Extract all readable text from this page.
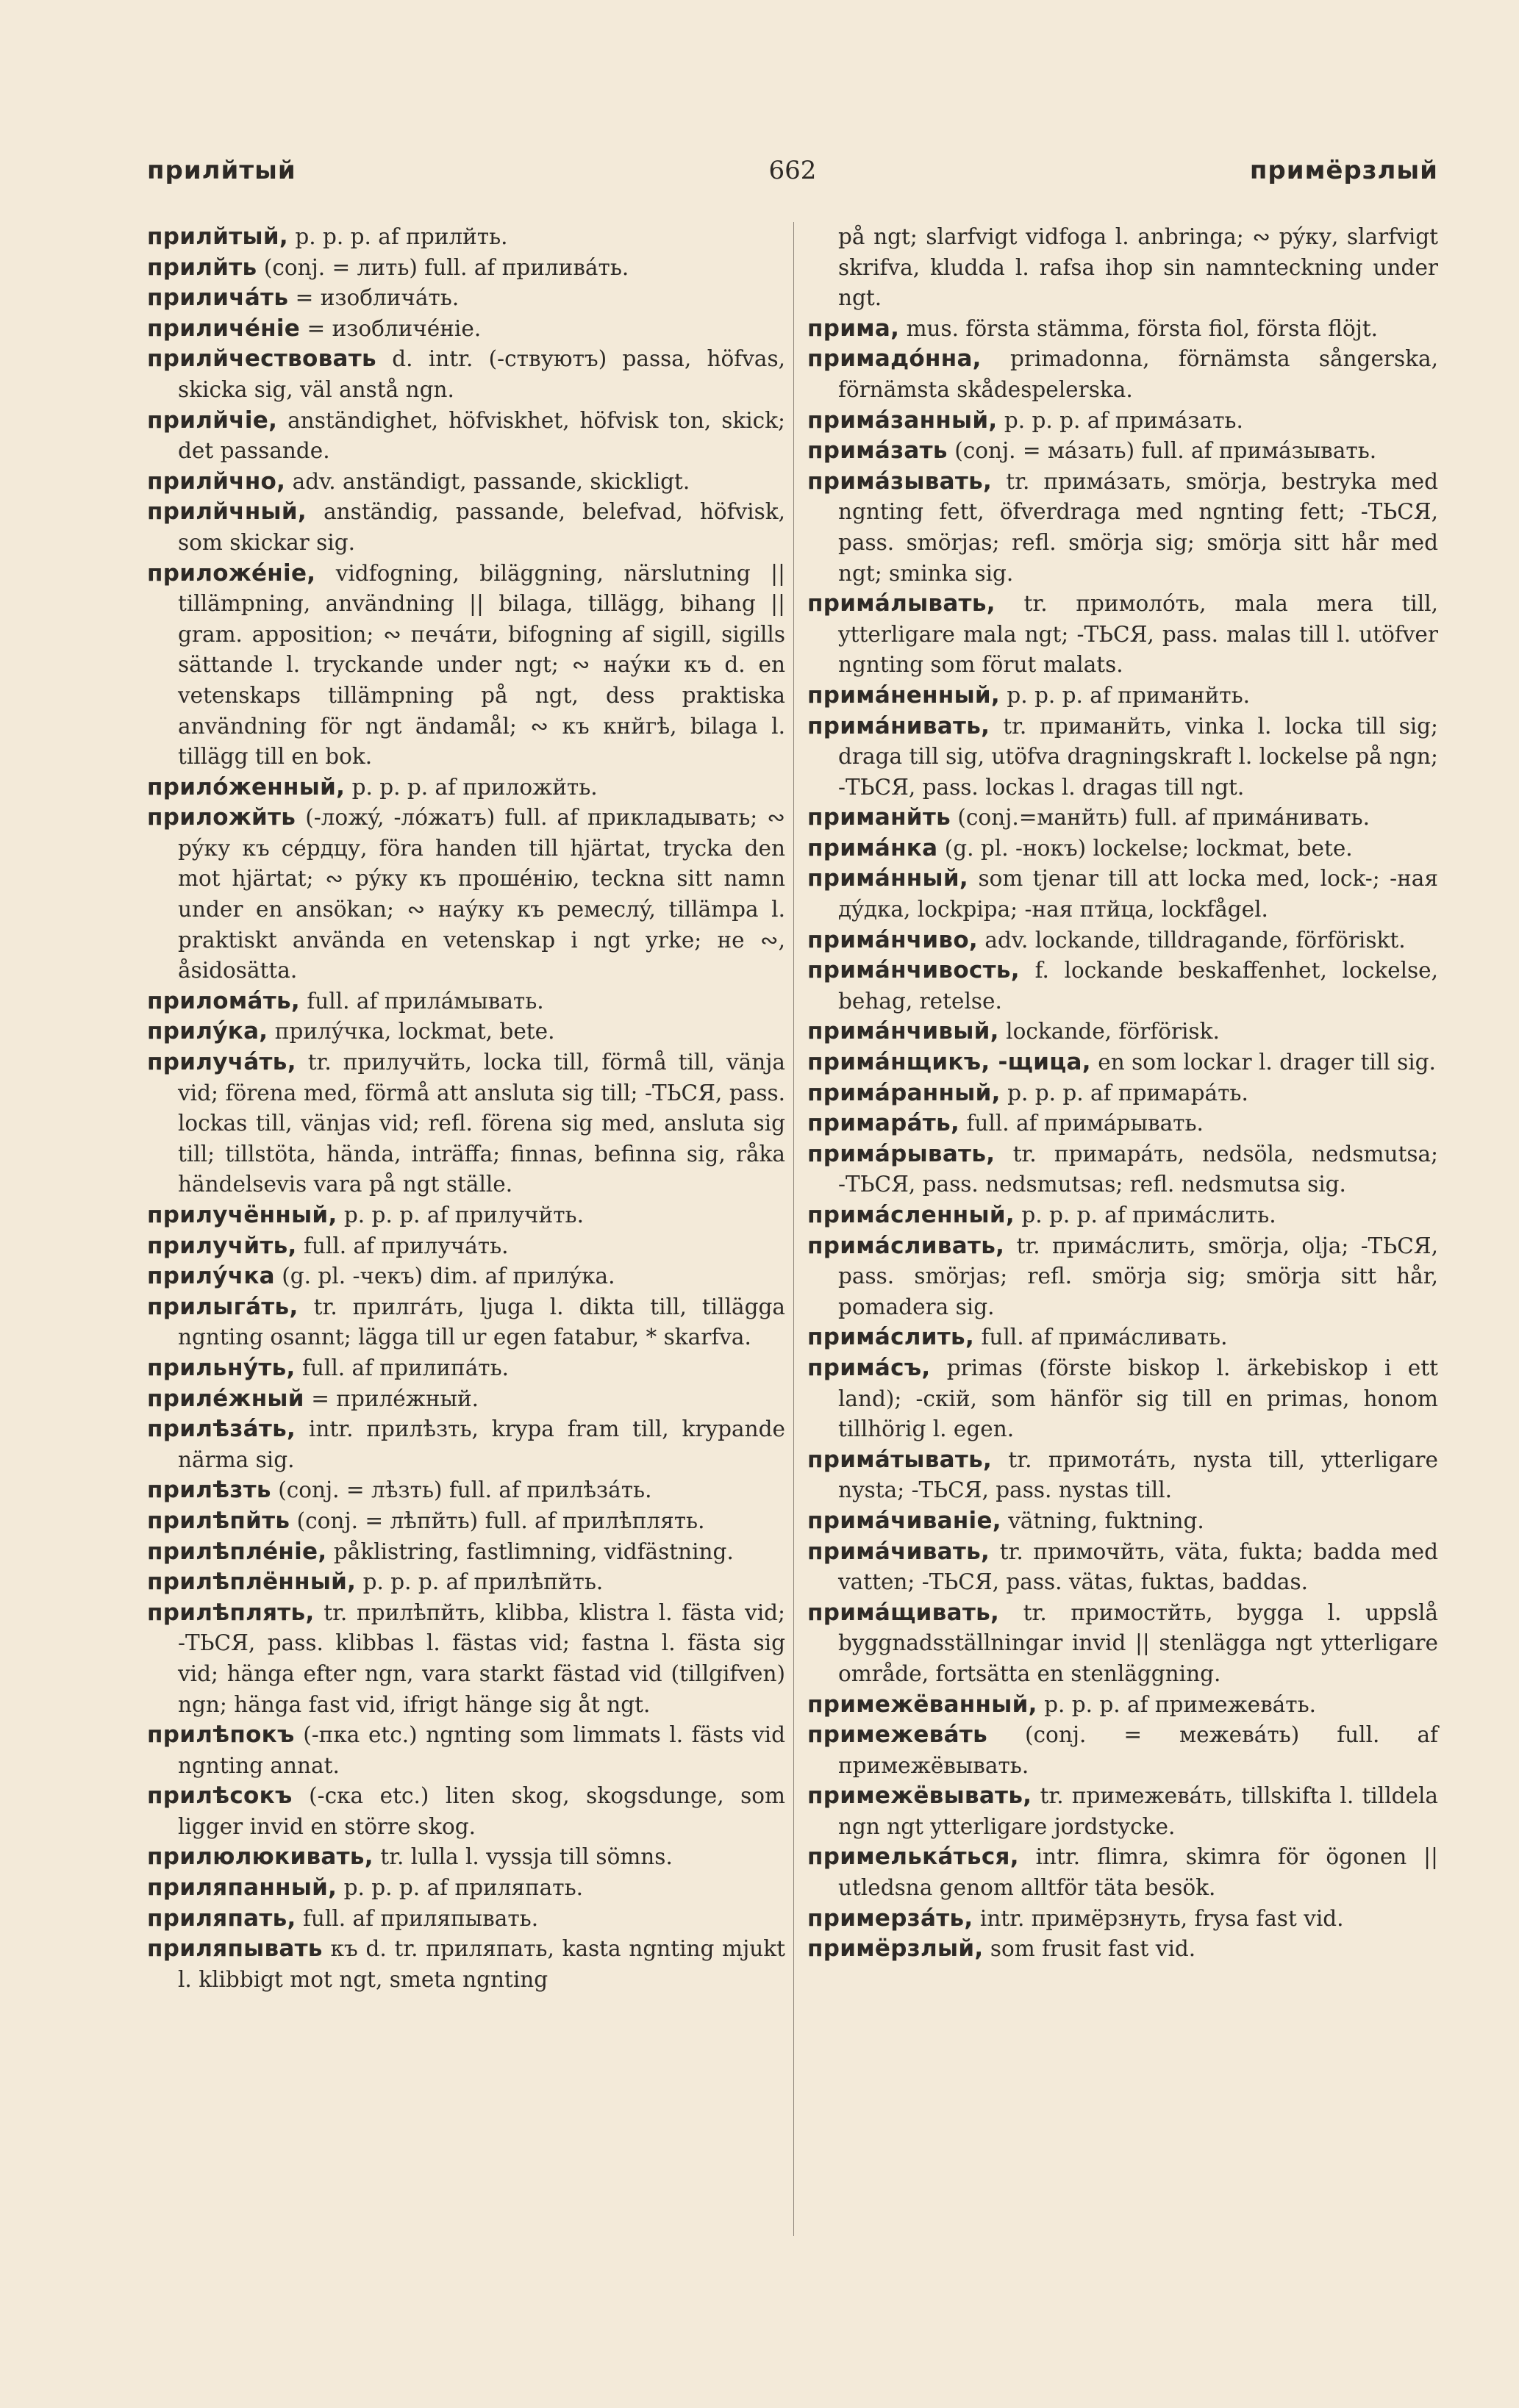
прилйтый	662	примёрзлый

прилйтый, p. p. p. af прилйть.

прилйть (conj. = лить) full. af приливáть.

приличáть = изобличáть.

приличéніе = изобличéніе.

прилйчествовать d. intr. (-ствуютъ) passa, höfvas, skicka sig, väl anstå ngn.

прилйчіе, anständighet, höfviskhet, höfvisk ton, skick; det passande.

прилйчно, adv. anständigt, passande, skickligt.

прилйчный, anständig, passande, belefvad, höfvisk, som skickar sig.

приложéніе, vidfogning, biläggning, närslutning || tillämpning, användning || bilaga, tillägg, bihang || gram. apposition; ∾ печáти, bifogning af sigill, sigills sättande l. tryckande under ngt; ∾ наýки къ d. en vetenskaps tillämpning på ngt, dess praktiska användning för ngt ändamål; ∾ къ кнйгѣ, bilaga l. tillägg till en bok.

прилóженный, p. p. p. af приложйть.

приложйть (-ложý, -лóжатъ) full. af прикладывать; ∾ рýку къ сéрдцу, föra handen till hjärtat, trycka den mot hjärtat; ∾ рýку къ прошéнію, teckna sitt namn under en ansökan; ∾ наýку къ ремеслý, tillämpa l. praktiskt använda en vetenskap i ngt yrke; не ∾, åsidosätta.

приломáть, full. af прилáмывать.

прилýка, прилýчка, lockmat, bete.

прилучáть, tr. прилучйть, locka till, förmå till, vänja vid; förena med, förmå att ansluta sig till; -ТЬСЯ, pass. lockas till, vänjas vid; refl. förena sig med, ansluta sig till; tillstöta, hända, inträffa; finnas, befinna sig, råka händelsevis vara på ngt ställe.

прилучённый, p. p. p. af прилучйть.

прилучйть, full. af прилучáть.

прилýчка (g. pl. -чекъ) dim. af прилýка.

прилыгáть, tr. прилгáть, ljuga l. dikta till, tillägga ngnting osannt; lägga till ur egen fatabur, * skarfva.

прильнýть, full. af прилипáть.

прилéжный = прилéжный.

прилѣзáть, intr. прилѣзть, krypa fram till, krypande närma sig.

прилѣзть (conj. = лѣзть) full. af прилѣзáть.

прилѣпйть (conj. = лѣпйть) full. af прилѣплять.

прилѣплéніе, påklistring, fastlimning, vidfästning.

прилѣплённый, p. p. p. af прилѣпйть.

прилѣплять, tr. прилѣпйть, klibba, klistra l. fästa vid; -ТЬСЯ, pass. klibbas l. fästas vid; fastna l. fästa sig vid; hänga efter ngn, vara starkt fästad vid (tillgifven) ngn; hänga fast vid, ifrigt hänge sig åt ngt.

прилѣпокъ (-пка etc.) ngnting som limmats l. fästs vid ngnting annat.

прилѣсокъ (-ска etc.) liten skog, skogsdunge, som ligger invid en större skog.

прилюлюкивать, tr. lulla l. vyssja till sömns.

приляпанный, p. p. p. af приляпать.

приляпать, full. af приляпывать.

приляпывать къ d. tr. приляпать, kasta ngnting mjukt l. klibbigt mot ngt, smeta ngnting

på ngt; slarfvigt vidfoga l. anbringa; ∾ рýку, slarfvigt skrifva, kludda l. rafsa ihop sin namnteckning under ngt.

прима, mus. första stämma, första fiol, första flöjt.

примадóнна, primadonna, förnämsta sångerska, förnämsta skådespelerska.

примáзанный, p. p. p. af примáзать.

примáзать (conj. = мáзать) full. af примáзывать.

примáзывать, tr. примáзать, smörja, bestryka med ngnting fett, öfverdraga med ngnting fett; -ТЬСЯ, pass. smörjas; refl. smörja sig; smörja sitt hår med ngt; sminka sig.

примáлывать, tr. примолóть, mala mera till, ytterligare mala ngt; -ТЬСЯ, pass. malas till l. utöfver ngnting som förut malats.

примáненный, p. p. p. af приманйть.

примáнивать, tr. приманйть, vinka l. locka till sig; draga till sig, utöfva dragningskraft l. lockelse på ngn; -ТЬСЯ, pass. lockas l. dragas till ngt.

приманйть (conj.=манйть) full. af примáнивать.

примáнка (g. pl. -нокъ) lockelse; lockmat, bete.

примáнный, som tjenar till att locka med, lock-; -ная дýдка, lockpipa; -ная птйца, lockfågel.

примáнчиво, adv. lockande, tilldragande, förföriskt.

примáнчивость, f. lockande beskaffenhet, lockelse, behag, retelse.

примáнчивый, lockande, förförisk.

примáнщикъ, -щица, en som lockar l. drager till sig.

примáранный, p. p. p. af примарáть.

примарáть, full. af примáрывать.

примáрывать, tr. примарáть, nedsöla, nedsmutsa; -ТЬСЯ, pass. nedsmutsas; refl. nedsmutsa sig.

примáсленный, p. p. p. af примáслить.

примáсливать, tr. примáслить, smörja, olja; -ТЬСЯ, pass. smörjas; refl. smörja sig; smörja sitt hår, pomadera sig.

примáслить, full. af примáсливать.

примáсъ, primas (förste biskop l. ärkebiskop i ett land); -скій, som hänför sig till en primas, honom tillhörig l. egen.

примáтывать, tr. примотáть, nysta till, ytterligare nysta; -ТЬСЯ, pass. nystas till.

примáчиваніе, vätning, fuktning.

примáчивать, tr. примочйть, väta, fukta; badda med vatten; -ТЬСЯ, pass. vätas, fuktas, baddas.

примáщивать, tr. примостйть, bygga l. uppslå byggnadsställningar invid || stenlägga ngt ytterligare område, fortsätta en stenläggning.

примежёванный, p. p. p. af примежевáть.

примежевáть (conj. = межевáть) full. af примежёвывать.

примежёвывать, tr. примежевáть, tillskifta l. tilldela ngn ngt ytterligare jordstycke.

примелькáться, intr. flimra, skimra för ögonen || utledsna genom alltför täta besök.

примерзáть, intr. примёрзнуть, frysa fast vid.

примёрзлый, som frusit fast vid.
